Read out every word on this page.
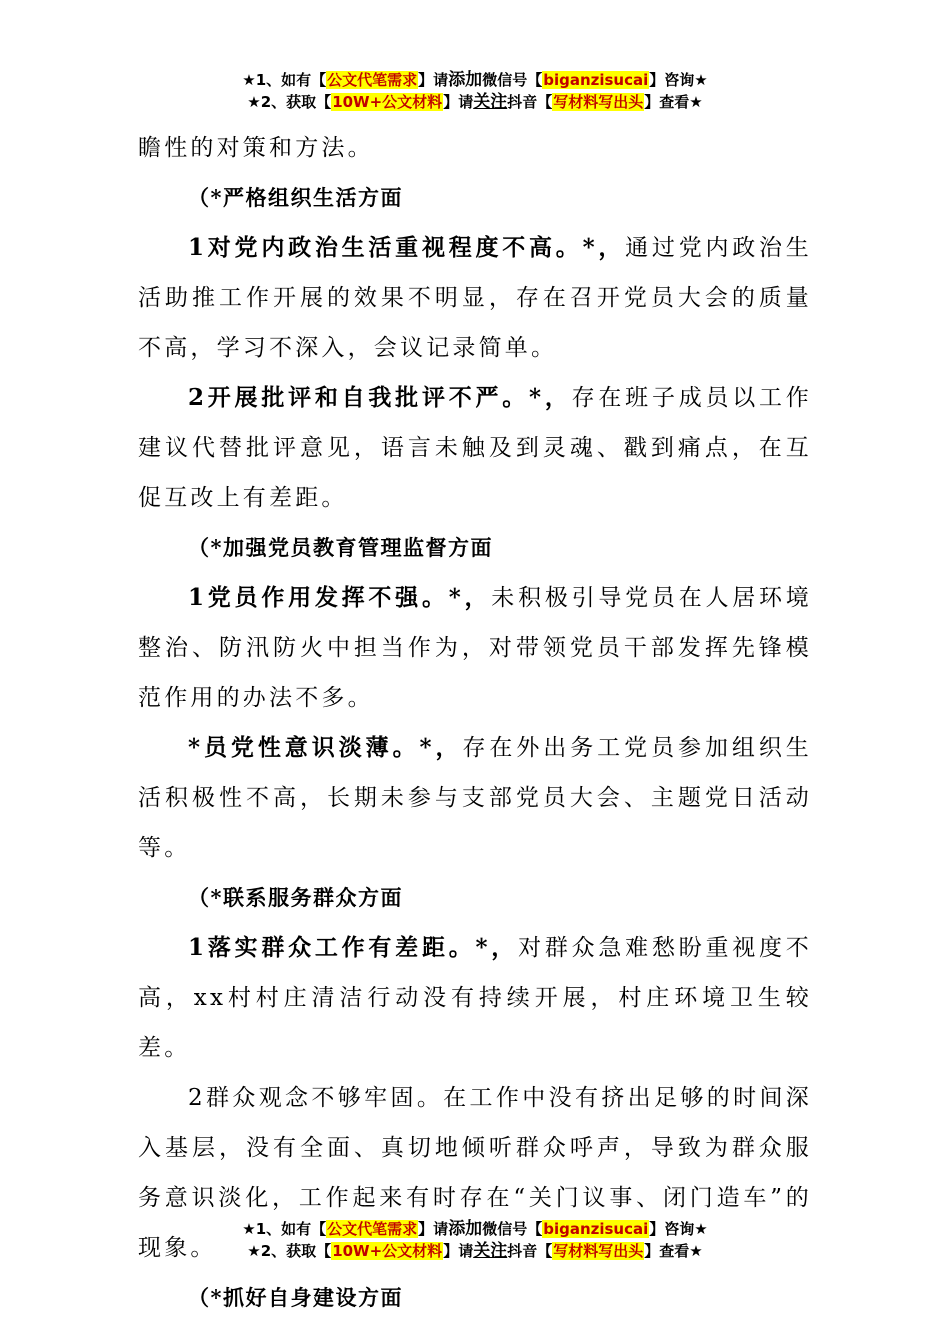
★1、如有【公文代笔需求】请添加微信号【biganzisucai】咨询★
★2、获取【10W+公文材料】请关注抖音【写材料写出头】查看★

瞻性的对策和方法。

（*严格组织生活方面

1对党内政治生活重视程度不高。*，通过党内政治生活助推工作开展的效果不明显，存在召开党员大会的质量不高，学习不深入，会议记录简单。

2开展批评和自我批评不严。*，存在班子成员以工作建议代替批评意见，语言未触及到灵魂、戳到痛点，在互促互改上有差距。

（*加强党员教育管理监督方面

1党员作用发挥不强。*，未积极引导党员在人居环境整治、防汛防火中担当作为，对带领党员干部发挥先锋模范作用的办法不多。

*员党性意识淡薄。*，存在外出务工党员参加组织生活积极性不高，长期未参与支部党员大会、主题党日活动等。

（*联系服务群众方面

1落实群众工作有差距。*，对群众急难愁盼重视度不高，xx村村庄清洁行动没有持续开展，村庄环境卫生较差。

2群众观念不够牢固。在工作中没有挤出足够的时间深入基层，没有全面、真切地倾听群众呼声，导致为群众服务意识淡化，工作起来有时存在“关门议事、闭门造车”的现象。

（*抓好自身建设方面

★1、如有【公文代笔需求】请添加微信号【biganzisucai】咨询★
★2、获取【10W+公文材料】请关注抖音【写材料写出头】查看★
